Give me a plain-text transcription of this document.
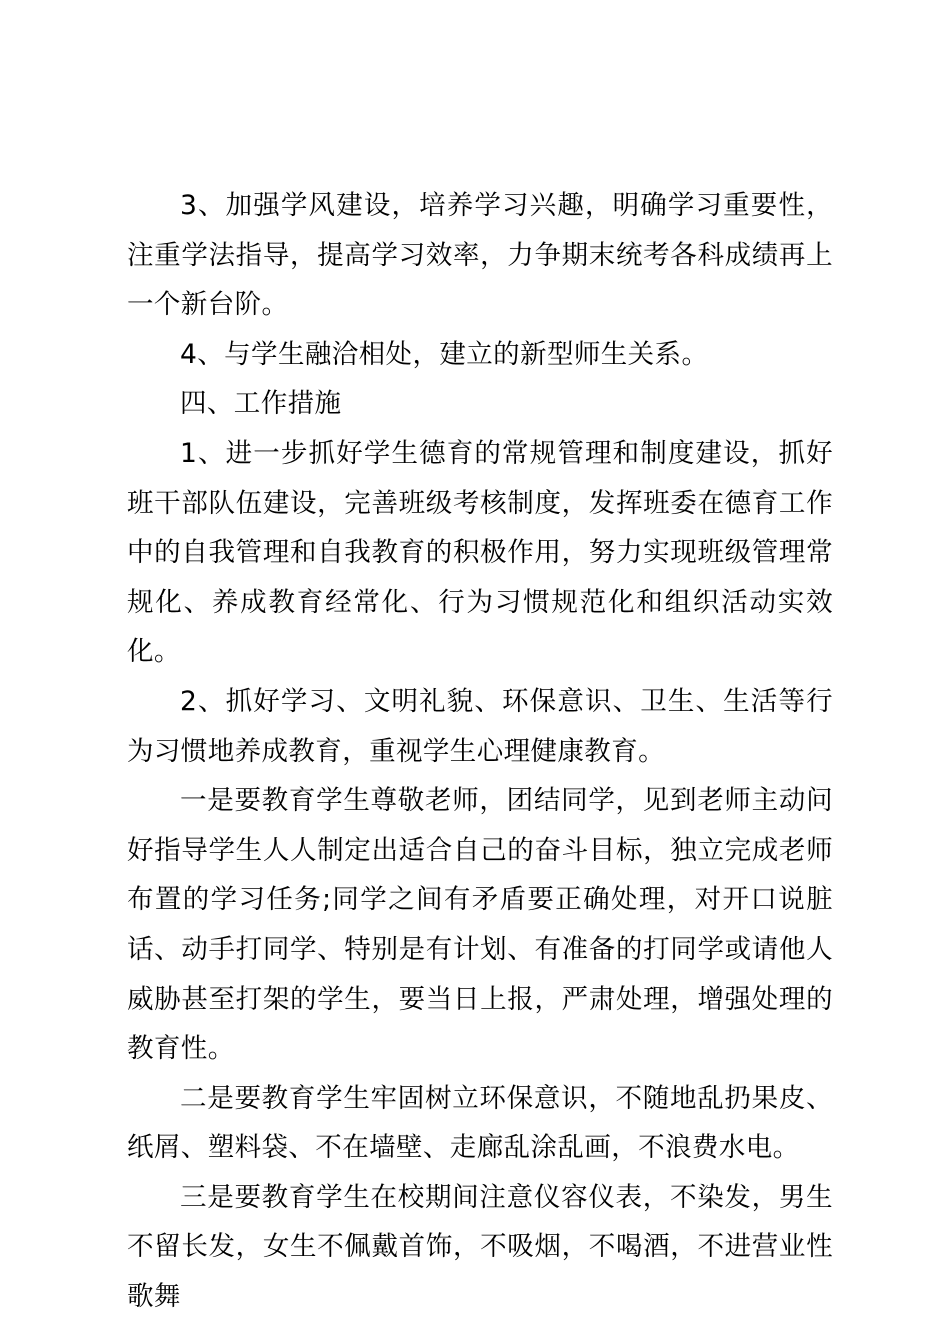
3、加强学风建设，培养学习兴趣，明确学习重要性，注重学法指导，提高学习效率，力争期末统考各科成绩再上一个新台阶。

4、与学生融洽相处，建立的新型师生关系。

四、工作措施

1、进一步抓好学生德育的常规管理和制度建设，抓好班干部队伍建设，完善班级考核制度，发挥班委在德育工作中的自我管理和自我教育的积极作用，努力实现班级管理常规化、养成教育经常化、行为习惯规范化和组织活动实效化。

2、抓好学习、文明礼貌、环保意识、卫生、生活等行为习惯地养成教育，重视学生心理健康教育。

一是要教育学生尊敬老师，团结同学，见到老师主动问好指导学生人人制定出适合自己的奋斗目标，独立完成老师布置的学习任务;同学之间有矛盾要正确处理，对开口说脏话、动手打同学、特别是有计划、有准备的打同学或请他人威胁甚至打架的学生，要当日上报，严肃处理，增强处理的教育性。

二是要教育学生牢固树立环保意识，不随地乱扔果皮、纸屑、塑料袋、不在墙壁、走廊乱涂乱画，不浪费水电。

三是要教育学生在校期间注意仪容仪表，不染发，男生不留长发，女生不佩戴首饰，不吸烟，不喝酒，不进营业性歌舞
